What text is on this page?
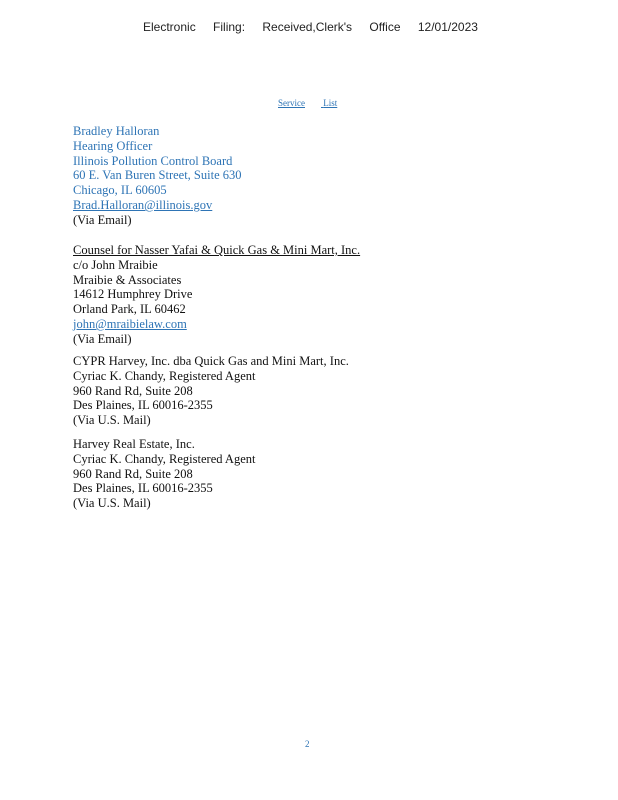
Electronic Filing: Received,Clerk's Office 12/01/2023
Service List
Bradley Halloran
Hearing Officer
Illinois Pollution Control Board
60 E. Van Buren Street, Suite 630
Chicago, IL 60605
Brad.Halloran@illinois.gov
(Via Email)
Counsel for Nasser Yafai & Quick Gas & Mini Mart, Inc.
c/o John Mraibie
Mraibie & Associates
14612 Humphrey Drive
Orland Park, IL 60462
john@mraibielaw.com
(Via Email)
CYPR Harvey, Inc. dba Quick Gas and Mini Mart, Inc.
Cyriac K. Chandy, Registered Agent
960 Rand Rd, Suite 208
Des Plaines, IL 60016-2355
(Via U.S. Mail)
Harvey Real Estate, Inc.
Cyriac K. Chandy, Registered Agent
960 Rand Rd, Suite 208
Des Plaines, IL 60016-2355
(Via U.S. Mail)
2
